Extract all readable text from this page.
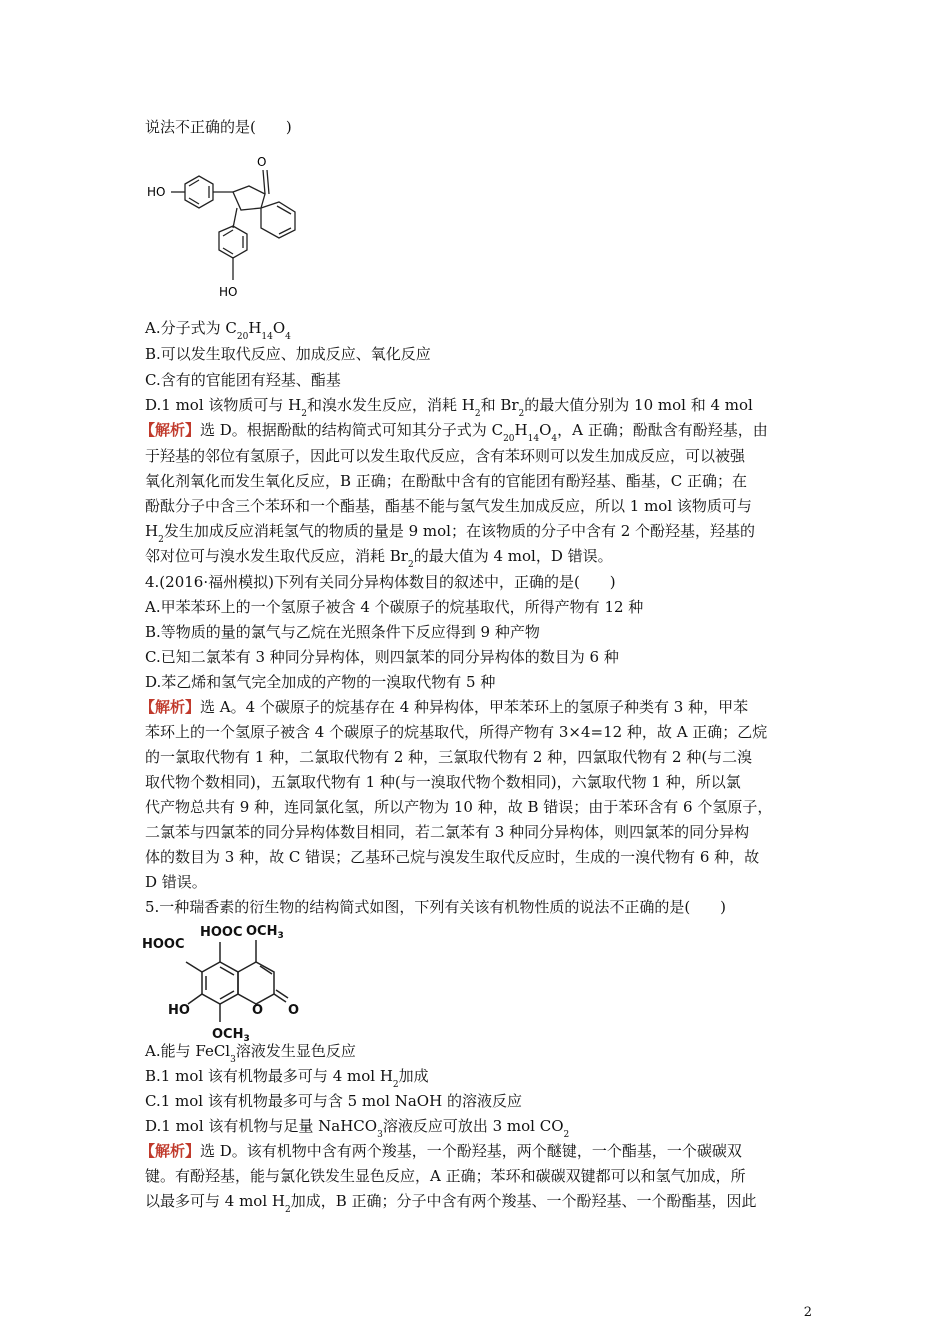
说法不正确的是(　　)
O
HO
HO
A.分子式为 $C_{20}H_{14}O_4$
B.可以发生取代反应、加成反应、氧化反应
C.含有的官能团有羟基、酯基
D.1 mol 该物质可与 $H_2$和溴水发生反应，消耗 $H_2$和 $Br_2$的最大值分别为 10 mol 和 4 mol
【解析】选 D。根据酚酞的结构简式可知其分子式为 $C_{20}H_{14}O_4$，A 正确；酚酞含有酚羟基，由
于羟基的邻位有氢原子，因此可以发生取代反应，含有苯环则可以发生加成反应，可以被强
氧化剂氧化而发生氧化反应，B 正确；在酚酞中含有的官能团有酚羟基、酯基，C 正确；在
酚酞分子中含三个苯环和一个酯基，酯基不能与氢气发生加成反应，所以 1 mol 该物质可与
$H_2$发生加成反应消耗氢气的物质的量是 9 mol；在该物质的分子中含有 2 个酚羟基，羟基的
邻对位可与溴水发生取代反应，消耗 $Br_2$的最大值为 4 mol，D 错误。
4.(2016·福州模拟)下列有关同分异构体数目的叙述中，正确的是(　　)
A.甲苯苯环上的一个氢原子被含 4 个碳原子的烷基取代，所得产物有 12 种
B.等物质的量的氯气与乙烷在光照条件下反应得到 9 种产物
C.已知二氯苯有 3 种同分异构体，则四氯苯的同分异构体的数目为 6 种
D.苯乙烯和氢气完全加成的产物的一溴取代物有 5 种
【解析】选 A。4 个碳原子的烷基存在 4 种异构体，甲苯苯环上的氢原子种类有 3 种，甲苯
苯环上的一个氢原子被含 4 个碳原子的烷基取代，所得产物有 3×4=12 种，故 A 正确；乙烷
的一氯取代物有 1 种，二氯取代物有 2 种，三氯取代物有 2 种，四氯取代物有 2 种(与二溴
取代物个数相同)，五氯取代物有 1 种(与一溴取代物个数相同)，六氯取代物 1 种，所以氯
代产物总共有 9 种，连同氯化氢，所以产物为 10 种，故 B 错误；由于苯环含有 6 个氢原子，
二氯苯与四氯苯的同分异构体数目相同，若二氯苯有 3 种同分异构体，则四氯苯的同分异构
体的数目为 3 种，故 C 错误；乙基环己烷与溴发生取代反应时，生成的一溴代物有 6 种，故
D 错误。
5.一种瑞香素的衍生物的结构简式如图，下列有关该有机物性质的说法不正确的是(　　)
HOOC
HOOC
$OCH_3$
HO	O O
$OCH_3$
A.能与 FeCl$_3$溶液发生显色反应
B.1 mol 该有机物最多可与 4 mol $H_2$加成
C.1 mol 该有机物最多可与含 5 mol NaOH 的溶液反应
D.1 mol 该有机物与足量 NaHCO$_3$溶液反应可放出 3 mol $CO_2$
【解析】选 D。该有机物中含有两个羧基，一个酚羟基，两个醚键，一个酯基，一个碳碳双
键。有酚羟基，能与氯化铁发生显色反应，A 正确；苯环和碳碳双键都可以和氢气加成，所
以最多可与 4 mol $H_2$加成，B 正确；分子中含有两个羧基、一个酚羟基、一个酚酯基，因此
2
